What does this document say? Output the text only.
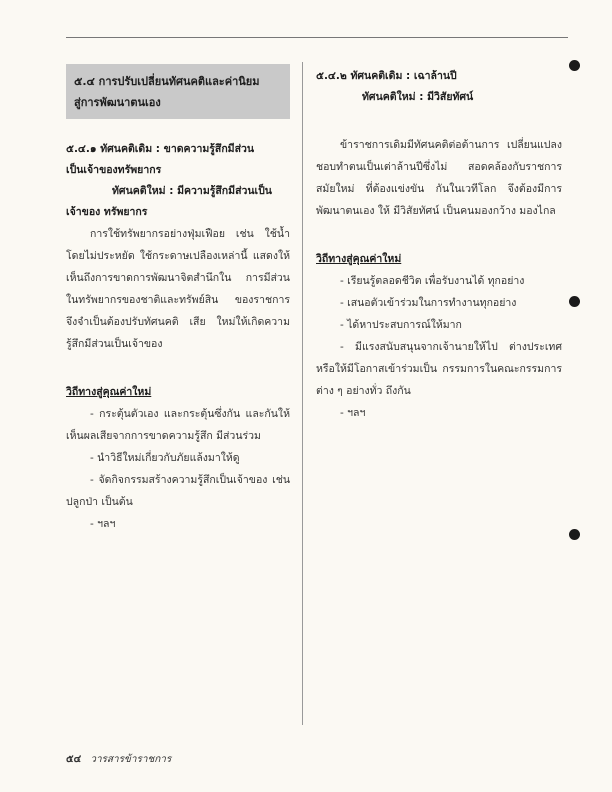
๕.๔ การปรับเปลี่ยนทัศนคติและค่านิยม
สู่การพัฒนาตนเอง
๕.๔.๑ ทัศนคติเดิม : ขาดความรู้สึกมีส่วน
เป็นเจ้าของทรัพยากร
ทัศนคติใหม่ : มีความรู้สึกมีส่วนเป็น
เจ้าของ ทรัพยากร

การใช้ทรัพยากรอย่างฟุ่มเฟือย เช่น ใช้น้ำโดยไม่ประหยัด ใช้กระดาษเปลืองเหล่านี้ แสดงให้เห็นถึงการขาดการพัฒนาจิตสำนึกใน การมีส่วนในทรัพยากรของชาติและทรัพย์สิน ของราชการ จึงจำเป็นต้องปรับทัศนคติ เสีย ใหม่ให้เกิดความรู้สึกมีส่วนเป็นเจ้าของ

วิถีทางสู่คุณค่าใหม่

- กระตุ้นตัวเอง และกระตุ้นซึ่งกัน และกันให้เห็นผลเสียจากการขาดความรู้สึก มีส่วนร่วม

- นำวิธีใหม่เกี่ยวกับภัยแล้งมาให้ดู

- จัดกิจกรรมสร้างความรู้สึกเป็นเจ้าของ เช่นปลูกป่า เป็นต้น

- ฯลฯ

๕.๔.๒ ทัศนคติเดิม : เฉาล้านปี
ทัศนคติใหม่ : มีวิสัยทัศน์

ข้าราชการเดิมมีทัศนคติต่อต้านการ เปลี่ยนแปลง ชอบทำตนเป็นเต่าล้านปีซึ่งไม่ สอดคล้องกับราชการสมัยใหม่ ที่ต้องแข่งขัน กันในเวทีโลก จึงต้องมีการพัฒนาตนเอง ให้ มีวิสัยทัศน์ เป็นคนมองกว้าง มองไกล

วิถีทางสู่คุณค่าใหม่

- เรียนรู้ตลอดชีวิต เพื่อรับงานได้ ทุกอย่าง

- เสนอตัวเข้าร่วมในการทำงานทุกอย่าง

- ได้หาประสบการณ์ให้มาก

- มีแรงสนับสนุนจากเจ้านายให้ไป ต่างประเทศ หรือให้มีโอกาสเข้าร่วมเป็น กรรมการในคณะกรรมการต่าง ๆ อย่างทั่ว ถึงกัน

- ฯลฯ

๕๔ วารสารข้าราชการ
